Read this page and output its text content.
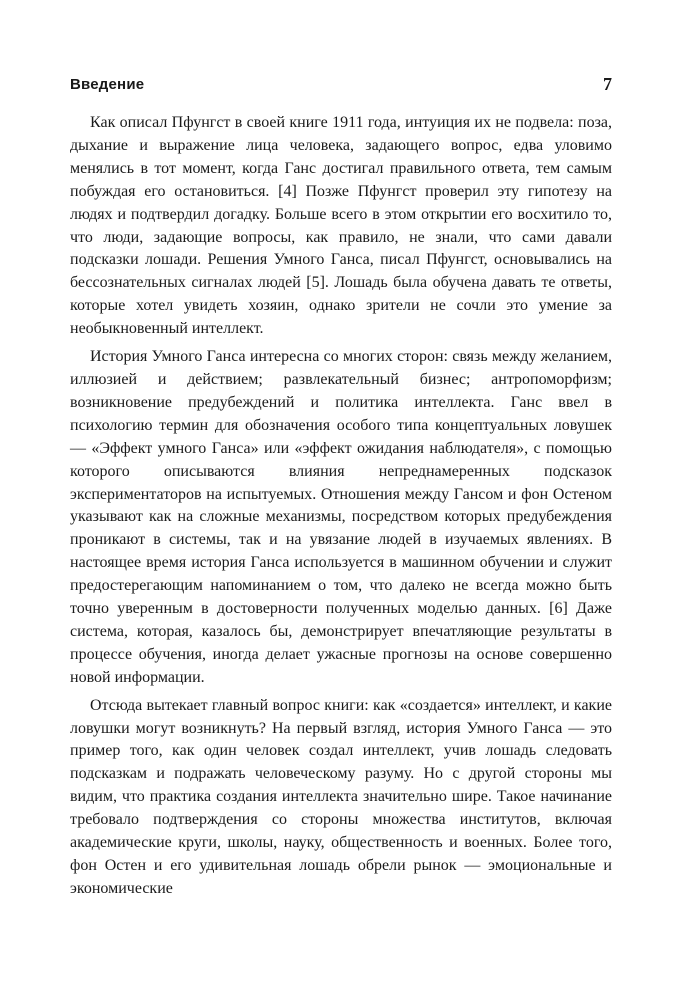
Введение	7

Как описал Пфунгст в своей книге 1911 года, интуиция их не подвела: поза, дыхание и выражение лица человека, задающего вопрос, едва уловимо менялись в тот момент, когда Ганс достигал правильного ответа, тем самым побуждая его остановиться. [4] Позже Пфунгст проверил эту гипотезу на людях и подтвердил догадку. Больше всего в этом открытии его восхитило то, что люди, задающие вопросы, как правило, не знали, что сами давали подсказки лошади. Решения Умного Ганса, писал Пфунгст, основывались на бессознательных сигналах людей [5]. Лошадь была обучена давать те ответы, которые хотел увидеть хозяин, однако зрители не сочли это умение за необыкновенный интеллект.

История Умного Ганса интересна со многих сторон: связь между желанием, иллюзией и действием; развлекательный бизнес; антропоморфизм; возникновение предубеждений и политика интеллекта. Ганс ввел в психологию термин для обозначения особого типа концептуальных ловушек — «Эффект умного Ганса» или «эффект ожидания наблюдателя», с помощью которого описываются влияния непреднамеренных подсказок экспериментаторов на испытуемых. Отношения между Гансом и фон Остеном указывают как на сложные механизмы, посредством которых предубеждения проникают в системы, так и на увязание людей в изучаемых явлениях. В настоящее время история Ганса используется в машинном обучении и служит предостерегающим напоминанием о том, что далеко не всегда можно быть точно уверенным в достоверности полученных моделью данных. [6] Даже система, которая, казалось бы, демонстрирует впечатляющие результаты в процессе обучения, иногда делает ужасные прогнозы на основе совершенно новой информации.

Отсюда вытекает главный вопрос книги: как «создается» интеллект, и какие ловушки могут возникнуть? На первый взгляд, история Умного Ганса — это пример того, как один человек создал интеллект, учив лошадь следовать подсказкам и подражать человеческому разуму. Но с другой стороны мы видим, что практика создания интеллекта значительно шире. Такое начинание требовало подтверждения со стороны множества институтов, включая академические круги, школы, науку, общественность и военных. Более того, фон Остен и его удивительная лошадь обрели рынок — эмоциональные и экономические
